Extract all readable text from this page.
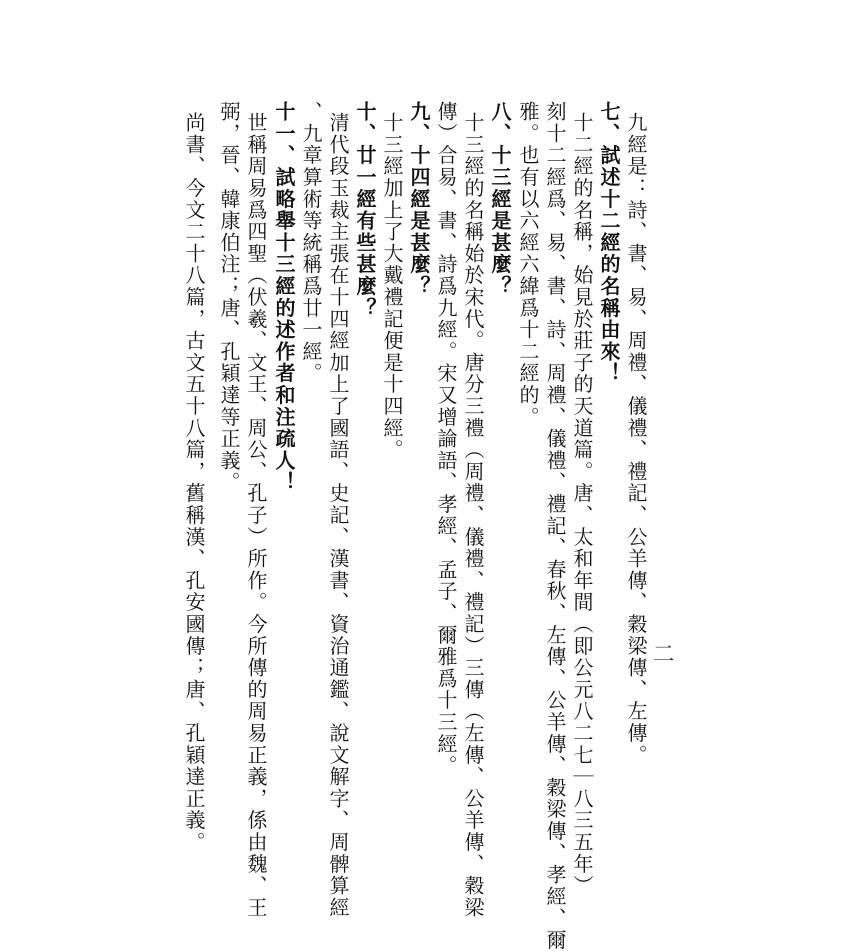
二
九經是：詩、書、易、周禮、儀禮、禮記、公羊傳、穀梁傳、左傳。
七、試述十二經的名稱由來！
十二經的名稱，始見於莊子的天道篇。唐、太和年間（即公元八二七｜八三五年）
刻十二經爲、易、書、詩、周禮、儀禮、禮記、春秋、左傳、公羊傳、穀梁傳、孝經、爾
雅。也有以六經六緯爲十二經的。
八、十三經是甚麼？
十三經的名稱始於宋代。唐分三禮（周禮、儀禮、禮記）三傳（左傳、公羊傳、穀梁
傳）合易、書、詩爲九經。宋又增論語、孝經、孟子、爾雅爲十三經。
九、十四經是甚麼？
十三經加上了大戴禮記便是十四經。
十、廿一經有些甚麼？
清代段玉裁主張在十四經加上了國語、史記、漢書、資治通鑑、說文解字、周髀算經
、九章算術等統稱爲廿一經。
十一、試略舉十三經的述作者和注疏人！
世稱周易爲四聖（伏羲、文王、周公、孔子）所作。今所傳的周易正義，係由魏、王
弼，晉、韓康伯注；唐、孔穎達等正義。
尚書、今文二十八篇，古文五十八篇，舊稱漢、孔安國傳；唐、孔穎達正義。
